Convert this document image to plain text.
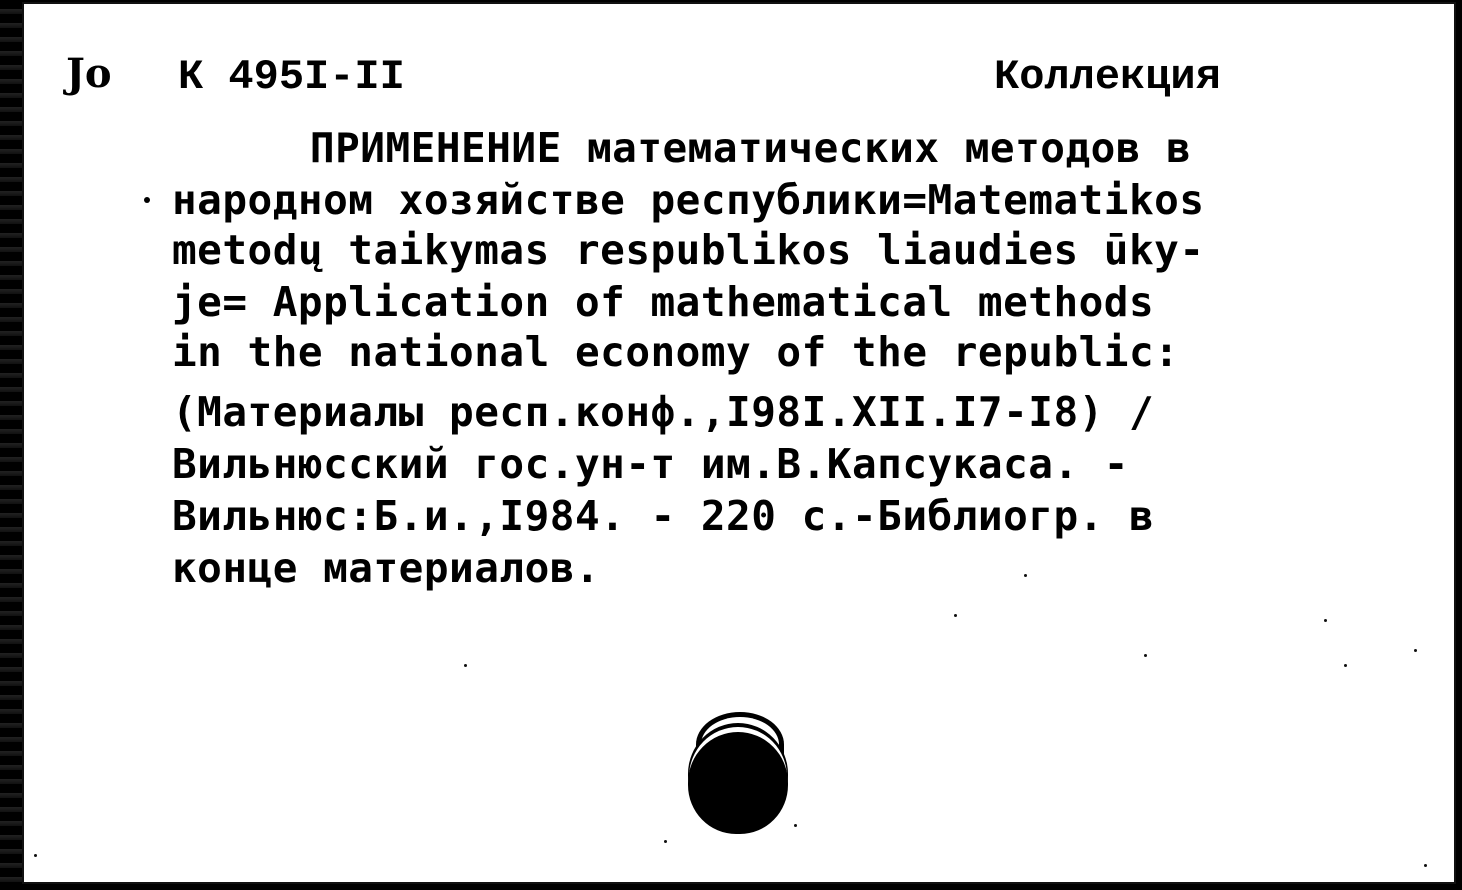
Јо К 495I-II	Коллекция
ПРИМЕНЕНИЕ математических методов в
народном хозяйстве республики=Matematikos
metodų taikymas respublikos liaudies ūky-
je= Application of mathematical methods
in the national economy of the republic:
(Материалы респ.конф.,I98I.XII.I7-I8) /
Вильнюсский гос.ун-т им.В.Капсукаса. -
Вильнюс:Б.и.,I984. - 220 с.-Библиогр. в
конце материалов.
